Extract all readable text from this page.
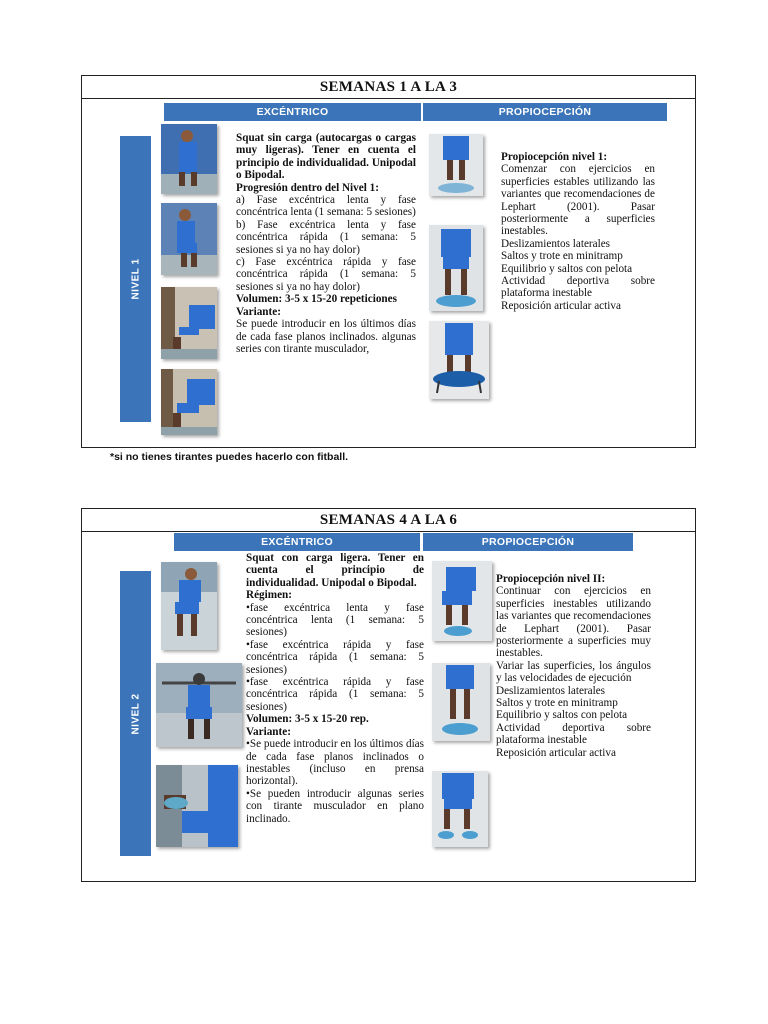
SEMANAS 1 A LA 3
EXCÉNTRICO	PROPIOCEPCIÓN
NIVEL 1

Squat sin carga (autocargas o cargas muy ligeras). Tener en cuenta el principio de individualidad. Unipodal o Bipodal.

Progresión dentro del Nivel 1:

a) Fase excéntrica lenta y fase concéntrica lenta (1 semana: 5 sesiones)

b) Fase excéntrica lenta y fase concéntrica rápida (1 semana: 5 sesiones si ya no hay dolor)

c) Fase excéntrica rápida y fase concéntrica rápida (1 semana: 5 sesiones si ya no hay dolor)

Volumen: 3-5 x 15-20 repeticiones

Variante:

Se puede introducir en los últimos días de cada fase planos inclinados. algunas series con tirante musculador,

Propiocepción nivel 1:

Comenzar con ejercicios en superficies estables utilizando las variantes que recomendaciones de Lephart (2001). Pasar posteriormente a superficies inestables.

Deslizamientos laterales

Saltos y trote en minitramp

Equilibrio y saltos con pelota

Actividad deportiva sobre plataforma inestable

Reposición articular activa

*si no tienes tirantes puedes hacerlo con fitball.
SEMANAS 4 A LA 6
EXCÉNTRICO	PROPIOCEPCIÓN
NIVEL 2

Squat con carga ligera. Tener en cuenta el principio de individualidad. Unipodal o Bipodal.

Régimen:

•fase excéntrica lenta y fase concéntrica lenta (1 semana: 5 sesiones)

•fase excéntrica rápida y fase concéntrica rápida (1 semana: 5 sesiones)

•fase excéntrica rápida y fase concéntrica rápida (1 semana: 5 sesiones)

Volumen: 3-5 x 15-20 rep.

Variante:

•Se puede introducir en los últimos días de cada fase planos inclinados o inestables (incluso en prensa horizontal).

•Se pueden introducir algunas series con tirante musculador en plano inclinado.

Propiocepción nivel II:

Continuar con ejercicios en superficies inestables utilizando las variantes que recomendaciones de Lephart (2001). Pasar posteriormente a superficies muy inestables.

Variar las superficies, los ángulos y las velocidades de ejecución

Deslizamientos laterales

Saltos y trote en minitramp

Equilibrio y saltos con pelota

Actividad deportiva sobre plataforma inestable

Reposición articular activa
